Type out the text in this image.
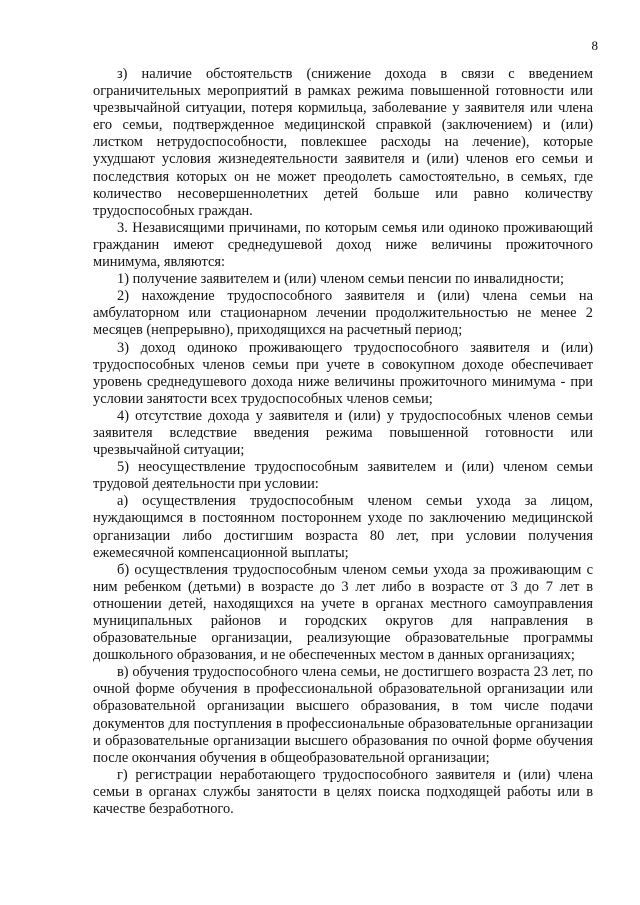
8

з) наличие обстоятельств (снижение дохода в связи с введением ограничительных мероприятий в рамках режима повышенной готовности или чрезвычайной ситуации, потеря кормильца, заболевание у заявителя или члена его семьи, подтвержденное медицинской справкой (заключением) и (или) листком нетрудоспособности, повлекшее расходы на лечение), которые ухудшают условия жизнедеятельности заявителя и (или) членов его семьи и последствия которых он не может преодолеть самостоятельно, в семьях, где количество несовершеннолетних детей больше или равно количеству трудоспособных граждан.

3. Независящими причинами, по которым семья или одиноко проживающий гражданин имеют среднедушевой доход ниже величины прожиточного минимума, являются:

1) получение заявителем и (или) членом семьи пенсии по инвалидности;

2) нахождение трудоспособного заявителя и (или) члена семьи на амбулаторном или стационарном лечении продолжительностью не менее 2 месяцев (непрерывно), приходящихся на расчетный период;

3) доход одиноко проживающего трудоспособного заявителя и (или) трудоспособных членов семьи при учете в совокупном доходе обеспечивает уровень среднедушевого дохода ниже величины прожиточного минимума - при условии занятости всех трудоспособных членов семьи;

4) отсутствие дохода у заявителя и (или) у трудоспособных членов семьи заявителя вследствие введения режима повышенной готовности или чрезвычайной ситуации;

5) неосуществление трудоспособным заявителем и (или) членом семьи трудовой деятельности при условии:

а) осуществления трудоспособным членом семьи ухода за лицом, нуждающимся в постоянном постороннем уходе по заключению медицинской организации либо достигшим возраста 80 лет, при условии получения ежемесячной компенсационной выплаты;

б) осуществления трудоспособным членом семьи ухода за проживающим с ним ребенком (детьми) в возрасте до 3 лет либо в возрасте от 3 до 7 лет в отношении детей, находящихся на учете в органах местного самоуправления муниципальных районов и городских округов для направления в образовательные организации, реализующие образовательные программы дошкольного образования, и не обеспеченных местом в данных организациях;

в) обучения трудоспособного члена семьи, не достигшего возраста 23 лет, по очной форме обучения в профессиональной образовательной организации или образовательной организации высшего образования, в том числе подачи документов для поступления в профессиональные образовательные организации и образовательные организации высшего образования по очной форме обучения после окончания обучения в общеобразовательной организации;

г) регистрации неработающего трудоспособного заявителя и (или) члена семьи в органах службы занятости в целях поиска подходящей работы или в качестве безработного.
